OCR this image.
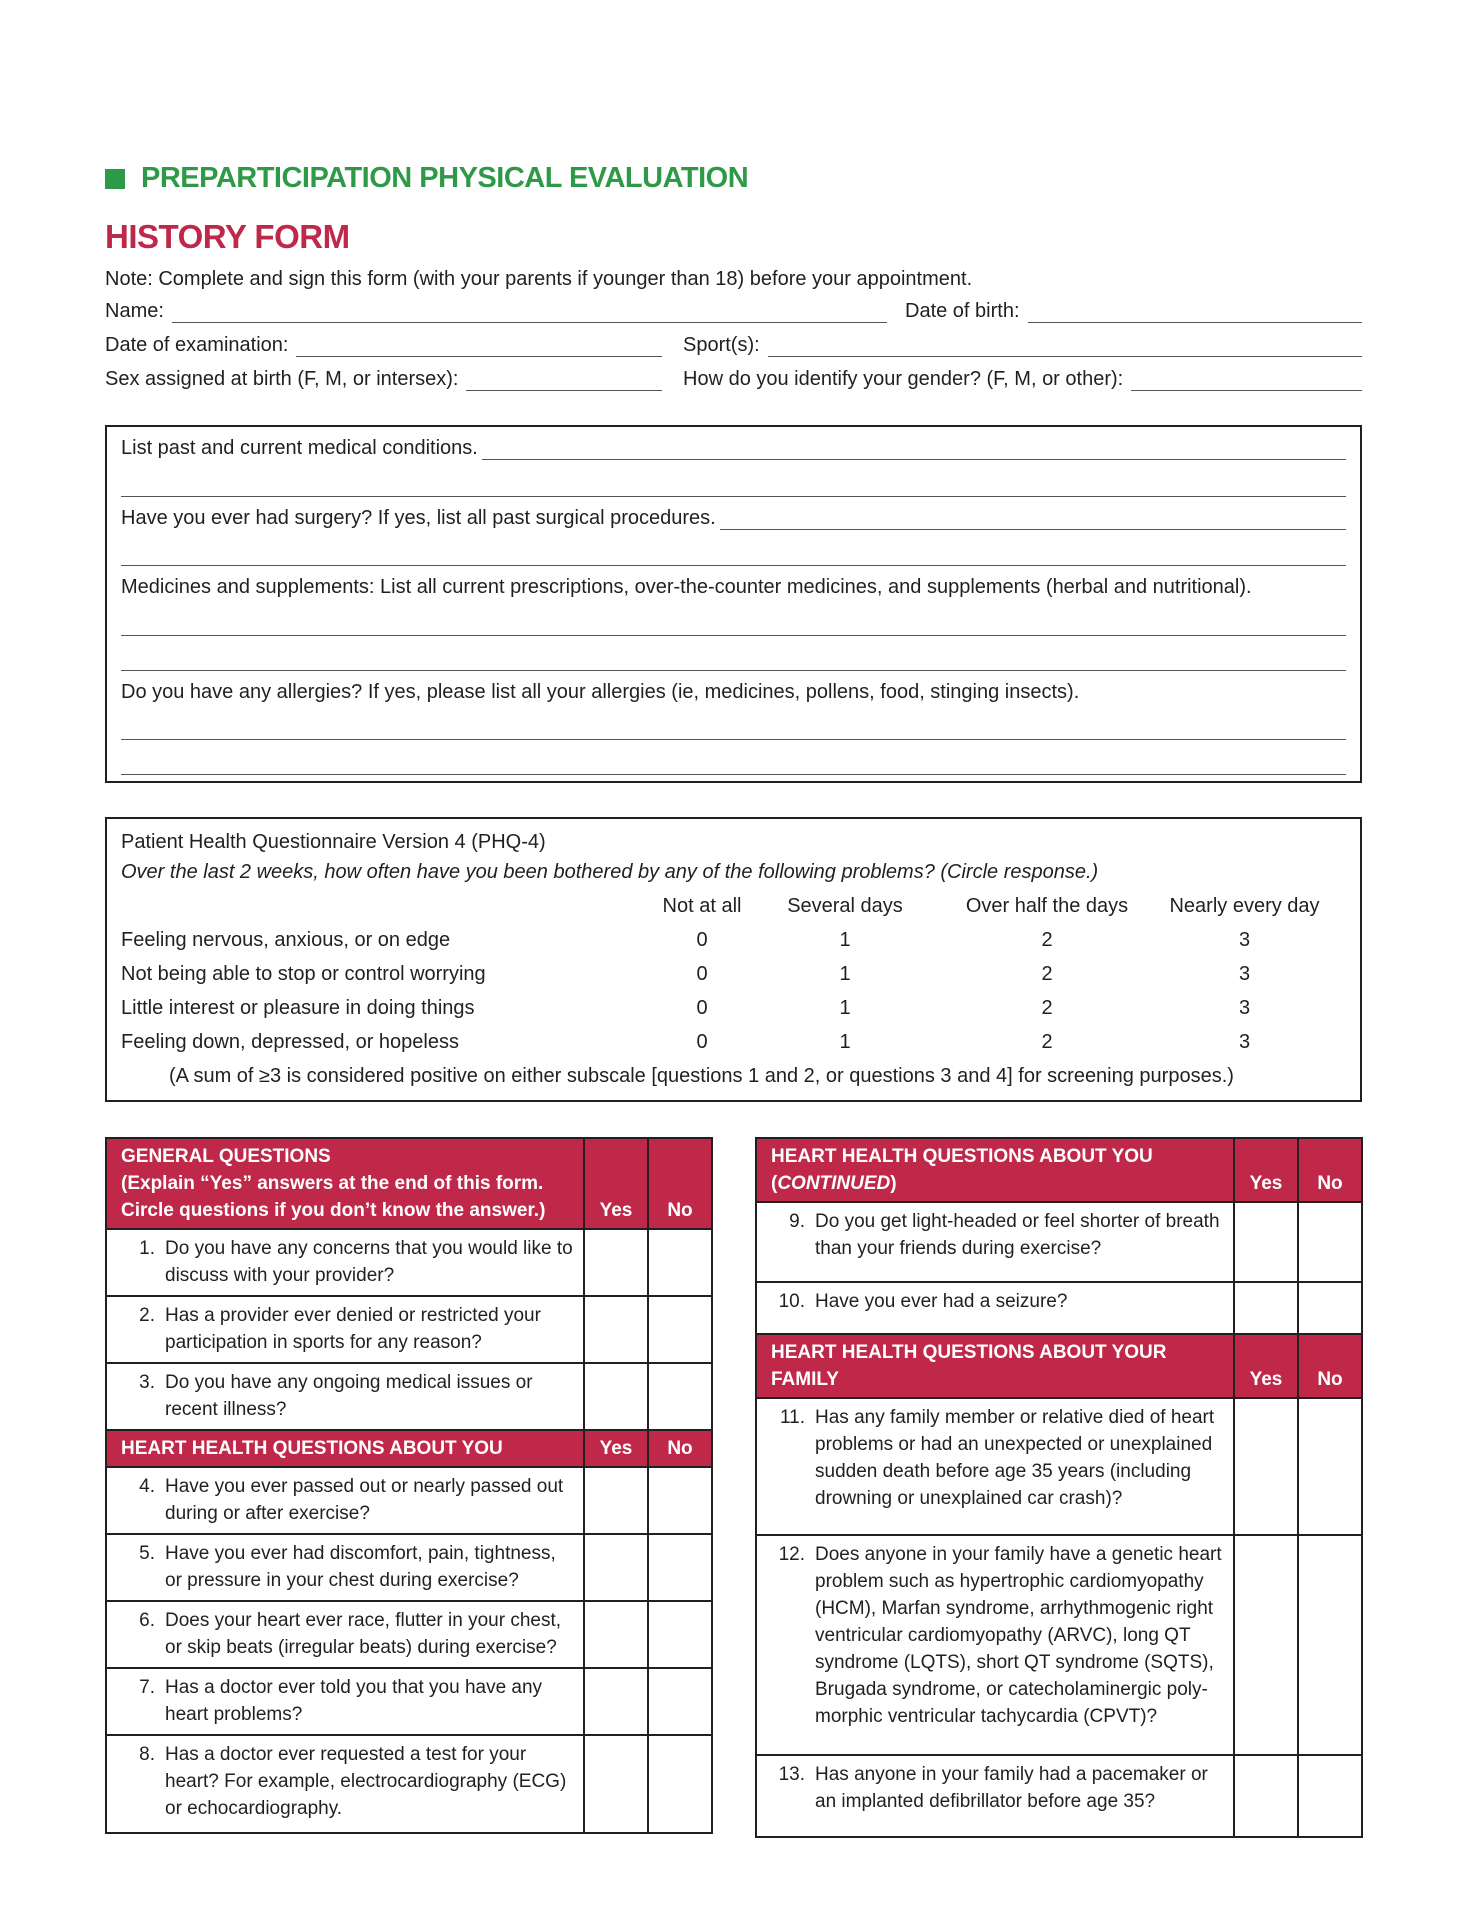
PREPARTICIPATION PHYSICAL EVALUATION
HISTORY FORM
Note: Complete and sign this form (with your parents if younger than 18) before your appointment.
Name:	Date of birth:
Date of examination:	Sport(s):
Sex assigned at birth (F, M, or intersex):	How do you identify your gender? (F, M, or other):
List past and current medical conditions.
Have you ever had surgery? If yes, list all past surgical procedures.
Medicines and supplements: List all current prescriptions, over-the-counter medicines, and supplements (herbal and nutritional).
Do you have any allergies? If yes, please list all your allergies (ie, medicines, pollens, food, stinging insects).
Patient Health Questionnaire Version 4 (PHQ-4)
Over the last 2 weeks, how often have you been bothered by any of the following problems? (Circle response.)
Not at all	Several days	Over half the days	Nearly every day
Feeling nervous, anxious, or on edge	0	1	2	3
Not being able to stop or control worrying	0	1	2	3
Little interest or pleasure in doing things	0	1	2	3
Feeling down, depressed, or hopeless	0	1	2	3
(A sum of ≥3 is considered positive on either subscale [questions 1 and 2, or questions 3 and 4] for screening purposes.)
GENERAL QUESTIONS
(Explain “Yes” answers at the end of this form.
Circle questions if you don’t know the answer.)	Yes	No

1. Do you have any concerns that you would like to discuss with your provider?		

2. Has a provider ever denied or restricted your participation in sports for any reason?		

3. Do you have any ongoing medical issues or recent illness?		

HEART HEALTH QUESTIONS ABOUT YOU	Yes	No

4. Have you ever passed out or nearly passed out during or after exercise?		

5. Have you ever had discomfort, pain, tightness, or pressure in your chest during exercise?		

6. Does your heart ever race, flutter in your chest, or skip beats (irregular beats) during exercise?		

7. Has a doctor ever told you that you have any heart problems?		

8. Has a doctor ever requested a test for your heart? For example, electrocardiography (ECG) or echocardiography.		

HEART HEALTH QUESTIONS ABOUT YOU
(CONTINUED)	Yes	No

9. Do you get light-headed or feel shorter of breath than your friends during exercise?		

10. Have you ever had a seizure?		

HEART HEALTH QUESTIONS ABOUT YOUR FAMILY	Yes	No

11. Has any family member or relative died of heart problems or had an unexpected or unexplained sudden death before age 35 years (including drowning or unexplained car crash)?		

12. Does anyone in your family have a genetic heart problem such as hypertrophic cardiomyopathy (HCM), Marfan syndrome, arrhythmogenic right ventricular cardiomyopathy (ARVC), long QT syndrome (LQTS), short QT syndrome (SQTS), Brugada syndrome, or catecholaminergic poly-morphic ventricular tachycardia (CPVT)?		

13. Has anyone in your family had a pacemaker or an implanted defibrillator before age 35?		
